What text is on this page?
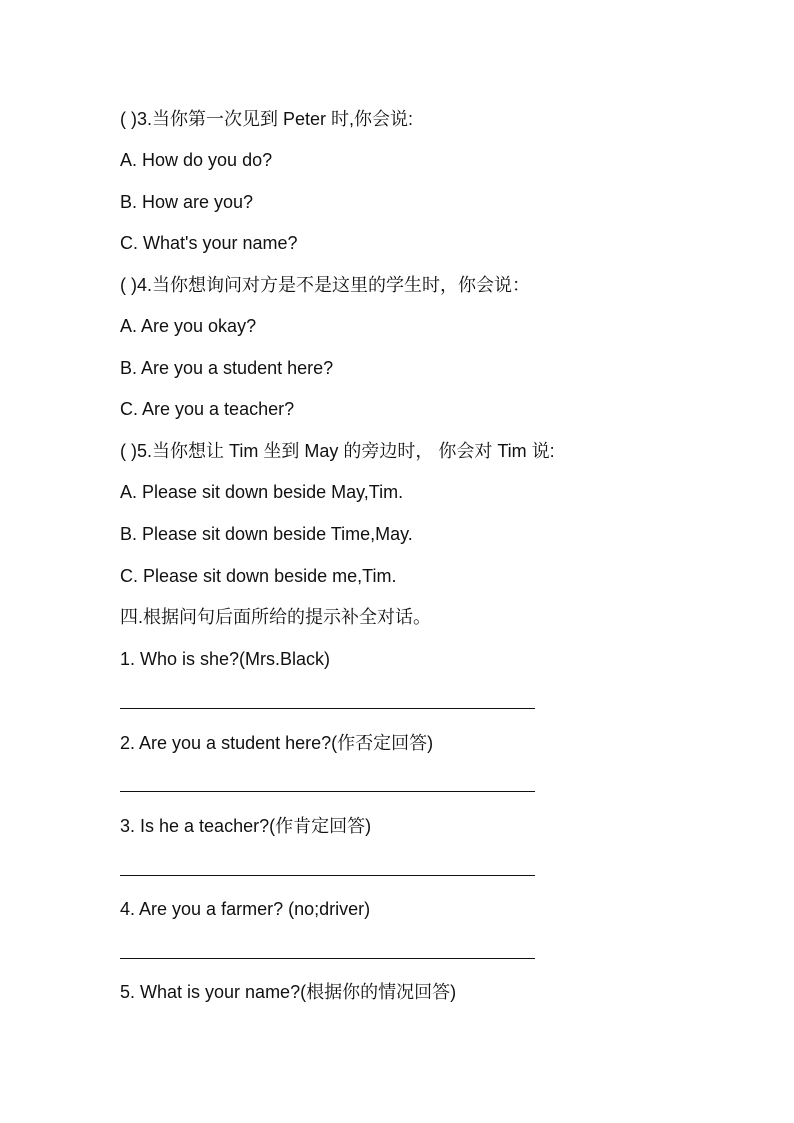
( )3.当你第一次见到 Peter 时,你会说:
A. How do you do?
B. How are you?
C. What's your name?
( )4.当你想询问对方是不是这里的学生时，你会说：
A. Are you okay?
B. Are you a student here?
C. Are you a teacher?
( )5.当你想让 Tim 坐到 May 的旁边时， 你会对 Tim 说:
A. Please sit down beside May,Tim.
B. Please sit down beside Time,May.
C. Please sit down beside me,Tim.
四.根据问句后面所给的提示补全对话。
1. Who is she?(Mrs.Black)
2. Are you a student here?(作否定回答)
3. Is he a teacher?(作肯定回答)
4. Are you a farmer? (no;driver)
5. What is your name?(根据你的情况回答)
